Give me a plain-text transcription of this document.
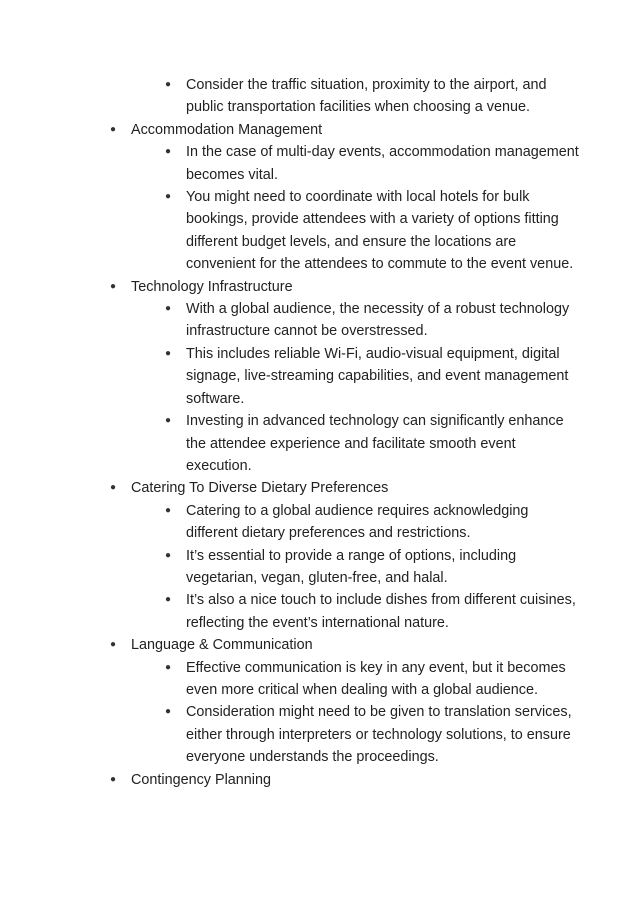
● Consider the traffic situation, proximity to the airport, and public transportation facilities when choosing a venue.
● Accommodation Management
● In the case of multi-day events, accommodation management becomes vital.
● You might need to coordinate with local hotels for bulk bookings, provide attendees with a variety of options fitting different budget levels, and ensure the locations are convenient for the attendees to commute to the event venue.
● Technology Infrastructure
● With a global audience, the necessity of a robust technology infrastructure cannot be overstressed.
● This includes reliable Wi-Fi, audio-visual equipment, digital signage, live-streaming capabilities, and event management software.
● Investing in advanced technology can significantly enhance the attendee experience and facilitate smooth event execution.
● Catering To Diverse Dietary Preferences
● Catering to a global audience requires acknowledging different dietary preferences and restrictions.
● It’s essential to provide a range of options, including vegetarian, vegan, gluten-free, and halal.
● It’s also a nice touch to include dishes from different cuisines, reflecting the event’s international nature.
● Language & Communication
● Effective communication is key in any event, but it becomes even more critical when dealing with a global audience.
● Consideration might need to be given to translation services, either through interpreters or technology solutions, to ensure everyone understands the proceedings.
● Contingency Planning
